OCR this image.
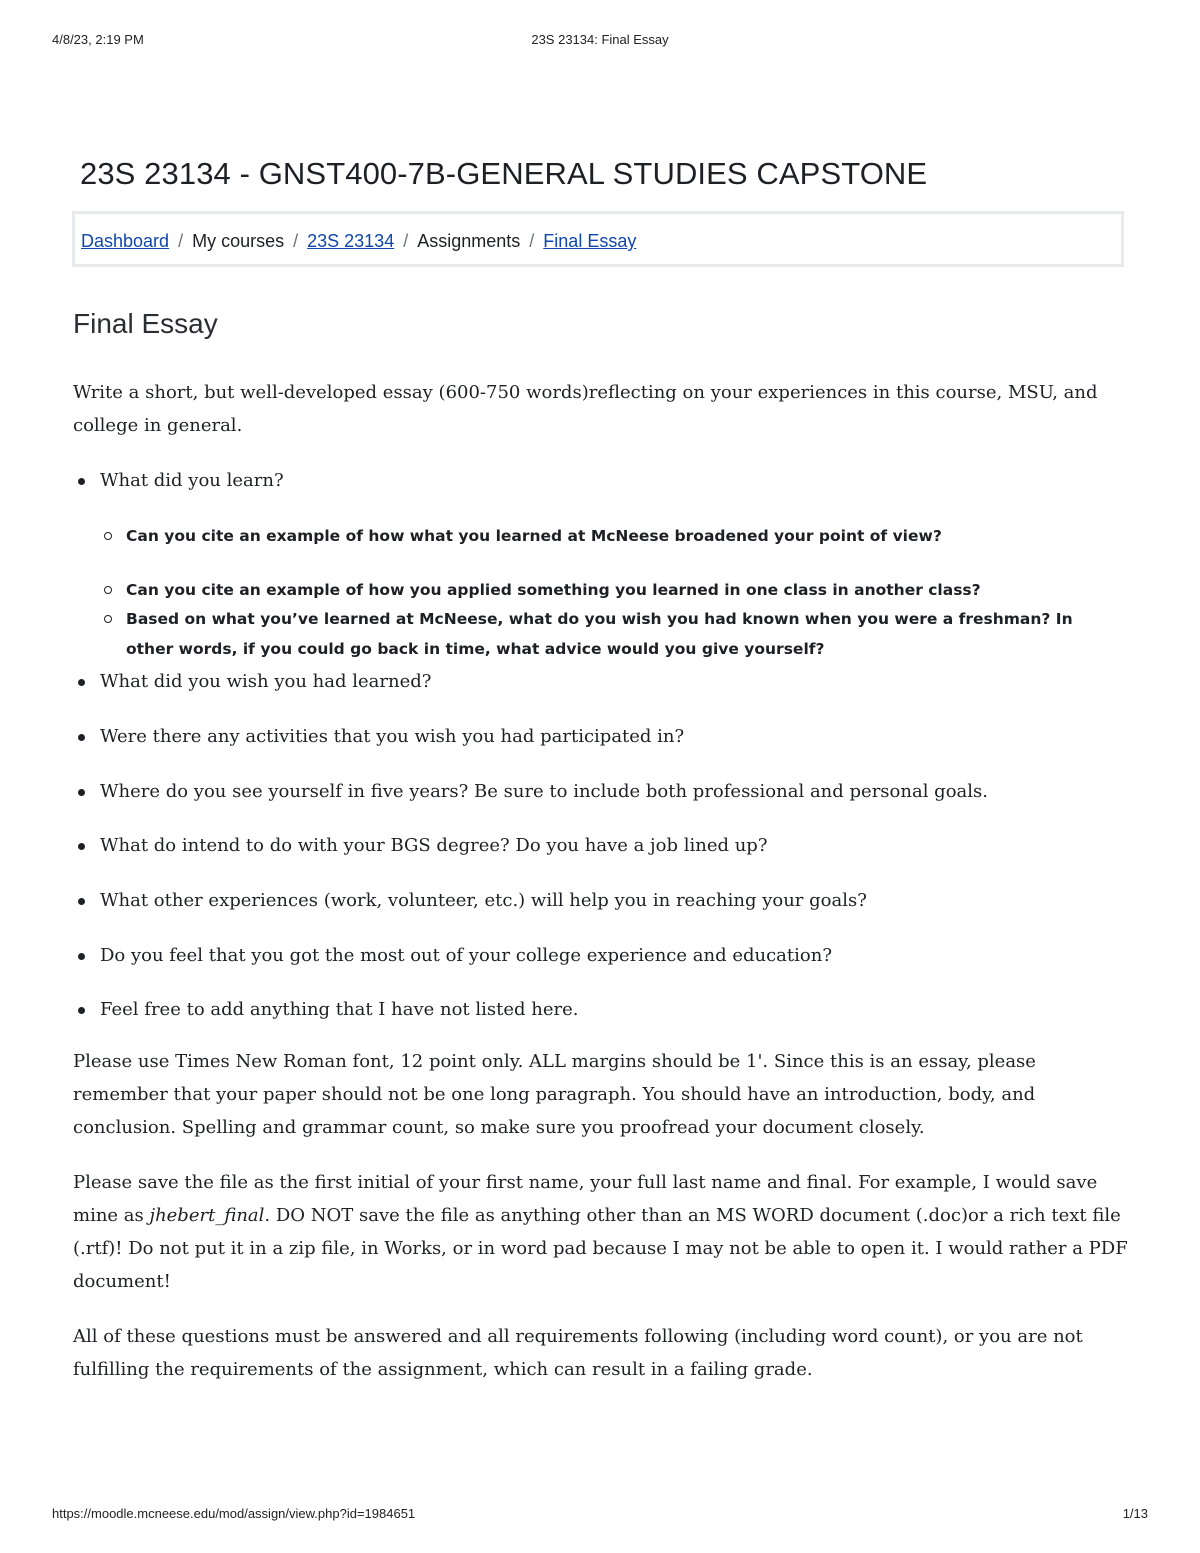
4/8/23, 2:19 PM	23S 23134: Final Essay
23S 23134 - GNST400-7B-GENERAL STUDIES CAPSTONE
Dashboard / My courses / 23S 23134 / Assignments / Final Essay
Final Essay

Write a short, but well-developed essay (600-750 words)reflecting on your experiences in this course, MSU, and college in general.

What did you learn?
Can you cite an example of how what you learned at McNeese broadened your point of view?
Can you cite an example of how you applied something you learned in one class in another class?
Based on what you’ve learned at McNeese, what do you wish you had known when you were a freshman? In other words, if you could go back in time, what advice would you give yourself?
What did you wish you had learned?
Were there any activities that you wish you had participated in?
Where do you see yourself in five years? Be sure to include both professional and personal goals.
What do intend to do with your BGS degree? Do you have a job lined up?
What other experiences (work, volunteer, etc.) will help you in reaching your goals?
Do you feel that you got the most out of your college experience and education?
Feel free to add anything that I have not listed here.

Please use Times New Roman font, 12 point only. ALL margins should be 1'. Since this is an essay, please remember that your paper should not be one long paragraph. You should have an introduction, body, and conclusion. Spelling and grammar count, so make sure you proofread your document closely.

Please save the file as the first initial of your first name, your full last name and final. For example, I would save mine as jhebert_final. DO NOT save the file as anything other than an MS WORD document (.doc)or a rich text file (.rtf)! Do not put it in a zip file, in Works, or in word pad because I may not be able to open it. I would rather a PDF document!

All of these questions must be answered and all requirements following (including word count), or you are not fulfilling the requirements of the assignment, which can result in a failing grade.

https://moodle.mcneese.edu/mod/assign/view.php?id=1984651	1/13
